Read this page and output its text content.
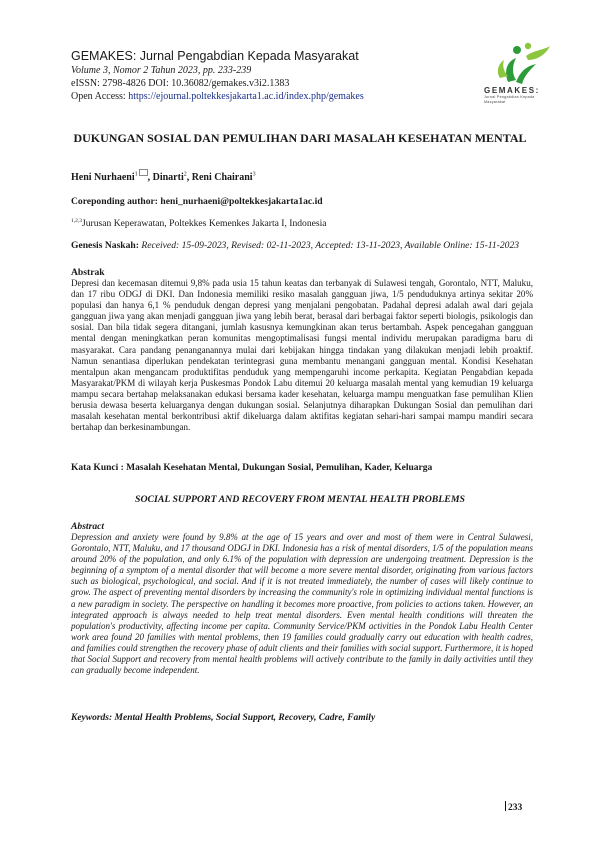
GEMAKES: Jurnal Pengabdian Kepada Masyarakat

Volume 3, Nomor 2 Tahun 2023, pp. 233-239

eISSN: 2798-4826 DOI: 10.36082/gemakes.v3i2.1383

Open Access: https://ejournal.poltekkesjakarta1.ac.id/index.php/gemakes

GEMAKES:
Jurnal Pengabdian Kepada Masyarakat
DUKUNGAN SOSIAL DAN PEMULIHAN DARI MASALAH KESEHATAN MENTAL

Heni Nurhaeni$^1$ , Dinarti$^2$, Reni Chairani$^3$

Coreponding author: heni_nurhaeni@poltekkesjakarta1ac.id

$^{1,2,3}$Jurusan Keperawatan, Poltekkes Kemenkes Jakarta I, Indonesia

Genesis Naskah: Received: 15-09-2023, Revised: 02-11-2023, Accepted: 13-11-2023, Available Online: 15-11-2023

Abstrak

Depresi dan kecemasan ditemui 9,8% pada usia 15 tahun keatas dan terbanyak di Sulawesi tengah, Gorontalo, NTT, Maluku, dan 17 ribu ODGJ di DKI. Dan Indonesia memiliki resiko masalah gangguan jiwa, 1/5 penduduknya artinya sekitar 20% populasi dan hanya 6,1 % penduduk dengan depresi yang menjalani pengobatan. Padahal depresi adalah awal dari gejala gangguan jiwa yang akan menjadi gangguan jiwa yang lebih berat, berasal dari berbagai faktor seperti biologis, psikologis dan sosial. Dan bila tidak segera ditangani, jumlah kasusnya kemungkinan akan terus bertambah. Aspek pencegahan gangguan mental dengan meningkatkan peran komunitas mengoptimalisasi fungsi mental individu merupakan paradigma baru di masyarakat. Cara pandang penanganannya mulai dari kebijakan hingga tindakan yang dilakukan menjadi lebih proaktif. Namun senantiasa diperlukan pendekatan terintegrasi guna membantu menangani gangguan mental. Kondisi Kesehatan mentalpun akan mengancam produktifitas penduduk yang mempengaruhi income perkapita. Kegiatan Pengabdian kepada Masyarakat/PKM di wilayah kerja Puskesmas Pondok Labu ditemui 20 keluarga masalah mental yang kemudian 19 keluarga mampu secara bertahap melaksanakan edukasi bersama kader kesehatan, keluarga mampu menguatkan fase pemulihan Klien berusia dewasa beserta keluarganya dengan dukungan sosial. Selanjutnya diharapkan Dukungan Sosial dan pemulihan dari masalah kesehatan mental berkontribusi aktif dikeluarga dalam aktifitas kegiatan sehari-hari sampai mampu mandiri secara bertahap dan berkesinambungan.

Kata Kunci : Masalah Kesehatan Mental, Dukungan Sosial, Pemulihan, Kader, Keluarga

SOCIAL SUPPORT AND RECOVERY FROM MENTAL HEALTH PROBLEMS

Abstract

Depression and anxiety were found by 9.8% at the age of 15 years and over and most of them were in Central Sulawesi, Gorontalo, NTT, Maluku, and 17 thousand ODGJ in DKI. Indonesia has a risk of mental disorders, 1/5 of the population means around 20% of the population, and only 6.1% of the population with depression are undergoing treatment. Depression is the beginning of a symptom of a mental disorder that will become a more severe mental disorder, originating from various factors such as biological, psychological, and social. And if it is not treated immediately, the number of cases will likely continue to grow. The aspect of preventing mental disorders by increasing the community's role in optimizing individual mental functions is a new paradigm in society. The perspective on handling it becomes more proactive, from policies to actions taken. However, an integrated approach is always needed to help treat mental disorders. Even mental health conditions will threaten the population's productivity, affecting income per capita. Community Service/PKM activities in the Pondok Labu Health Center work area found 20 families with mental problems, then 19 families could gradually carry out education with health cadres, and families could strengthen the recovery phase of adult clients and their families with social support. Furthermore, it is hoped that Social Support and recovery from mental health problems will actively contribute to the family in daily activities until they can gradually become independent.

Keywords: Mental Health Problems, Social Support, Recovery, Cadre, Family

233
